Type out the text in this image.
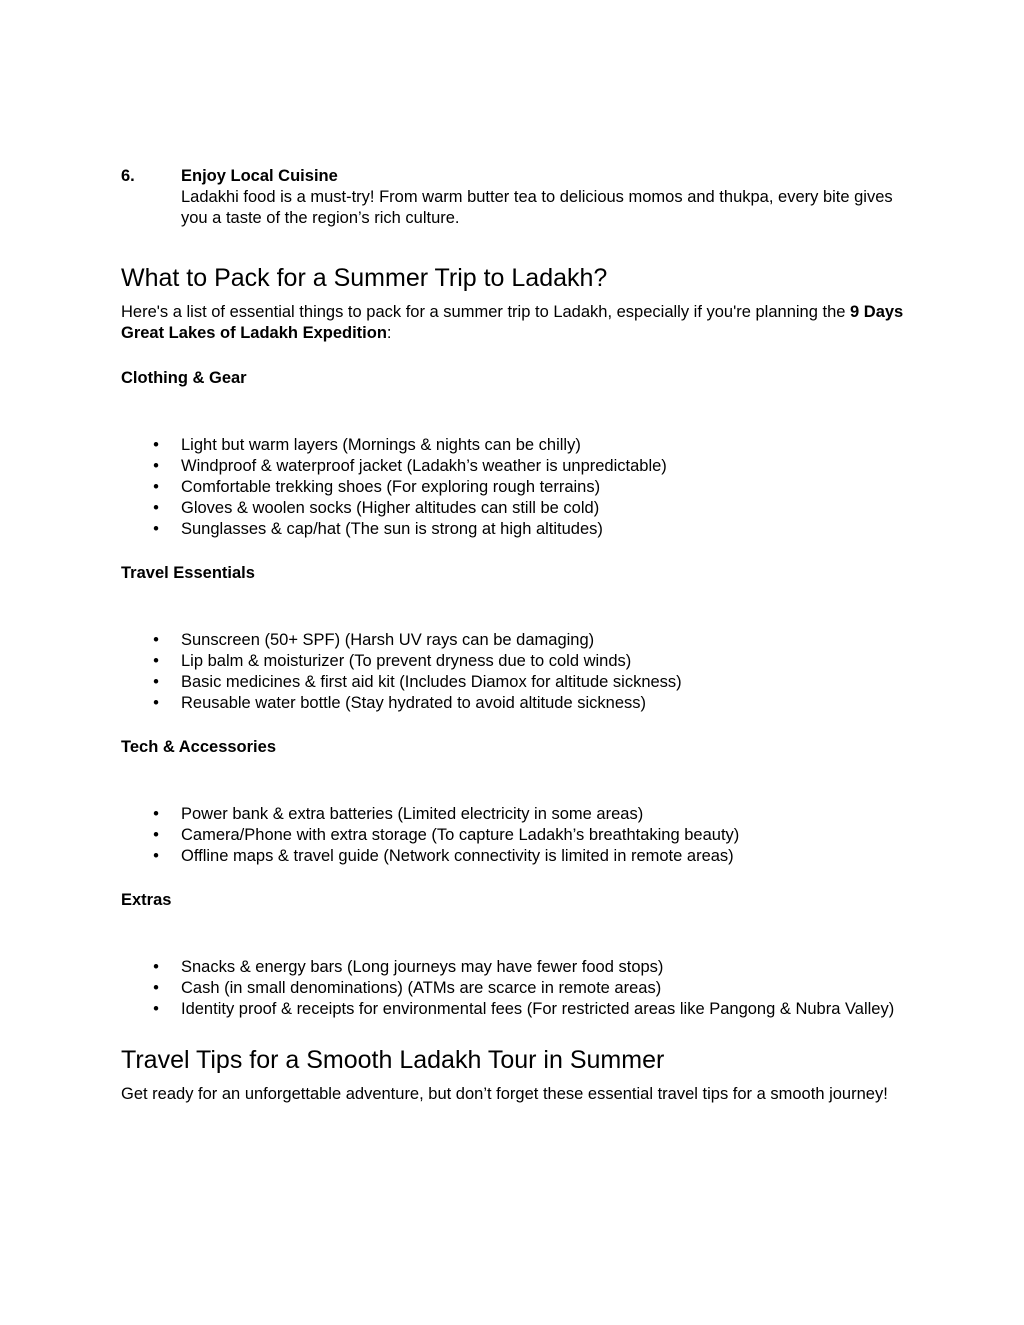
6.	Enjoy Local Cuisine
Ladakhi food is a must-try! From warm butter tea to delicious momos and thukpa, every bite gives you a taste of the region’s rich culture.
What to Pack for a Summer Trip to Ladakh?

Here's a list of essential things to pack for a summer trip to Ladakh, especially if you're planning the 9 Days Great Lakes of Ladakh Expedition:

Clothing & Gear
• Light but warm layers (Mornings & nights can be chilly)
• Windproof & waterproof jacket (Ladakh’s weather is unpredictable)
• Comfortable trekking shoes (For exploring rough terrains)
• Gloves & woolen socks (Higher altitudes can still be cold)
• Sunglasses & cap/hat (The sun is strong at high altitudes)
Travel Essentials
• Sunscreen (50+ SPF) (Harsh UV rays can be damaging)
• Lip balm & moisturizer (To prevent dryness due to cold winds)
• Basic medicines & first aid kit (Includes Diamox for altitude sickness)
• Reusable water bottle (Stay hydrated to avoid altitude sickness)
Tech & Accessories
• Power bank & extra batteries (Limited electricity in some areas)
• Camera/Phone with extra storage (To capture Ladakh’s breathtaking beauty)
• Offline maps & travel guide (Network connectivity is limited in remote areas)
Extras
• Snacks & energy bars (Long journeys may have fewer food stops)
• Cash (in small denominations) (ATMs are scarce in remote areas)
• Identity proof & receipts for environmental fees (For restricted areas like Pangong & Nubra Valley)
Travel Tips for a Smooth Ladakh Tour in Summer

Get ready for an unforgettable adventure, but don’t forget these essential travel tips for a smooth journey!
